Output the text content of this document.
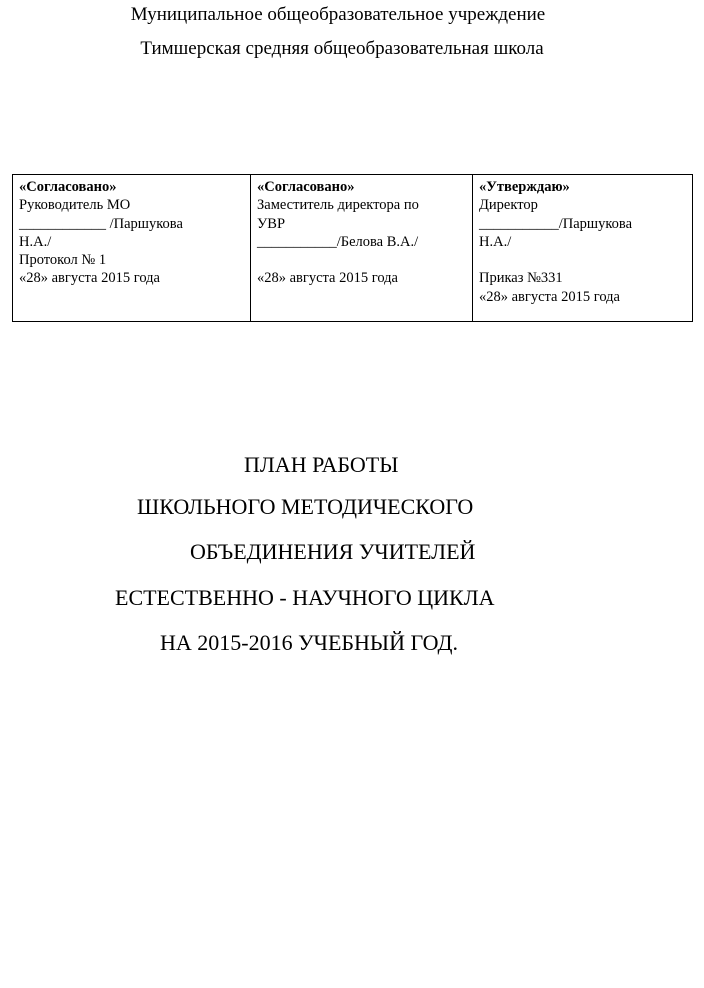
Муниципальное общеобразовательное учреждение
Тимшерская средняя общеобразовательная школа
«Согласовано»
Руководитель МО
____________ /Паршукова
Н.А./
Протокол № 1
«28» августа 2015 года

«Согласовано»
Заместитель директора по
УВР
___________/Белова В.А./
«28» августа 2015 года

«Утверждаю»
Директор
___________/Паршукова
Н.А./
Приказ №331
«28» августа 2015 года
ПЛАН РАБОТЫ
ШКОЛЬНОГО МЕТОДИЧЕСКОГО
ОБЪЕДИНЕНИЯ УЧИТЕЛЕЙ
ЕСТЕСТВЕННО - НАУЧНОГО ЦИКЛА
НА 2015-2016 УЧЕБНЫЙ ГОД.
